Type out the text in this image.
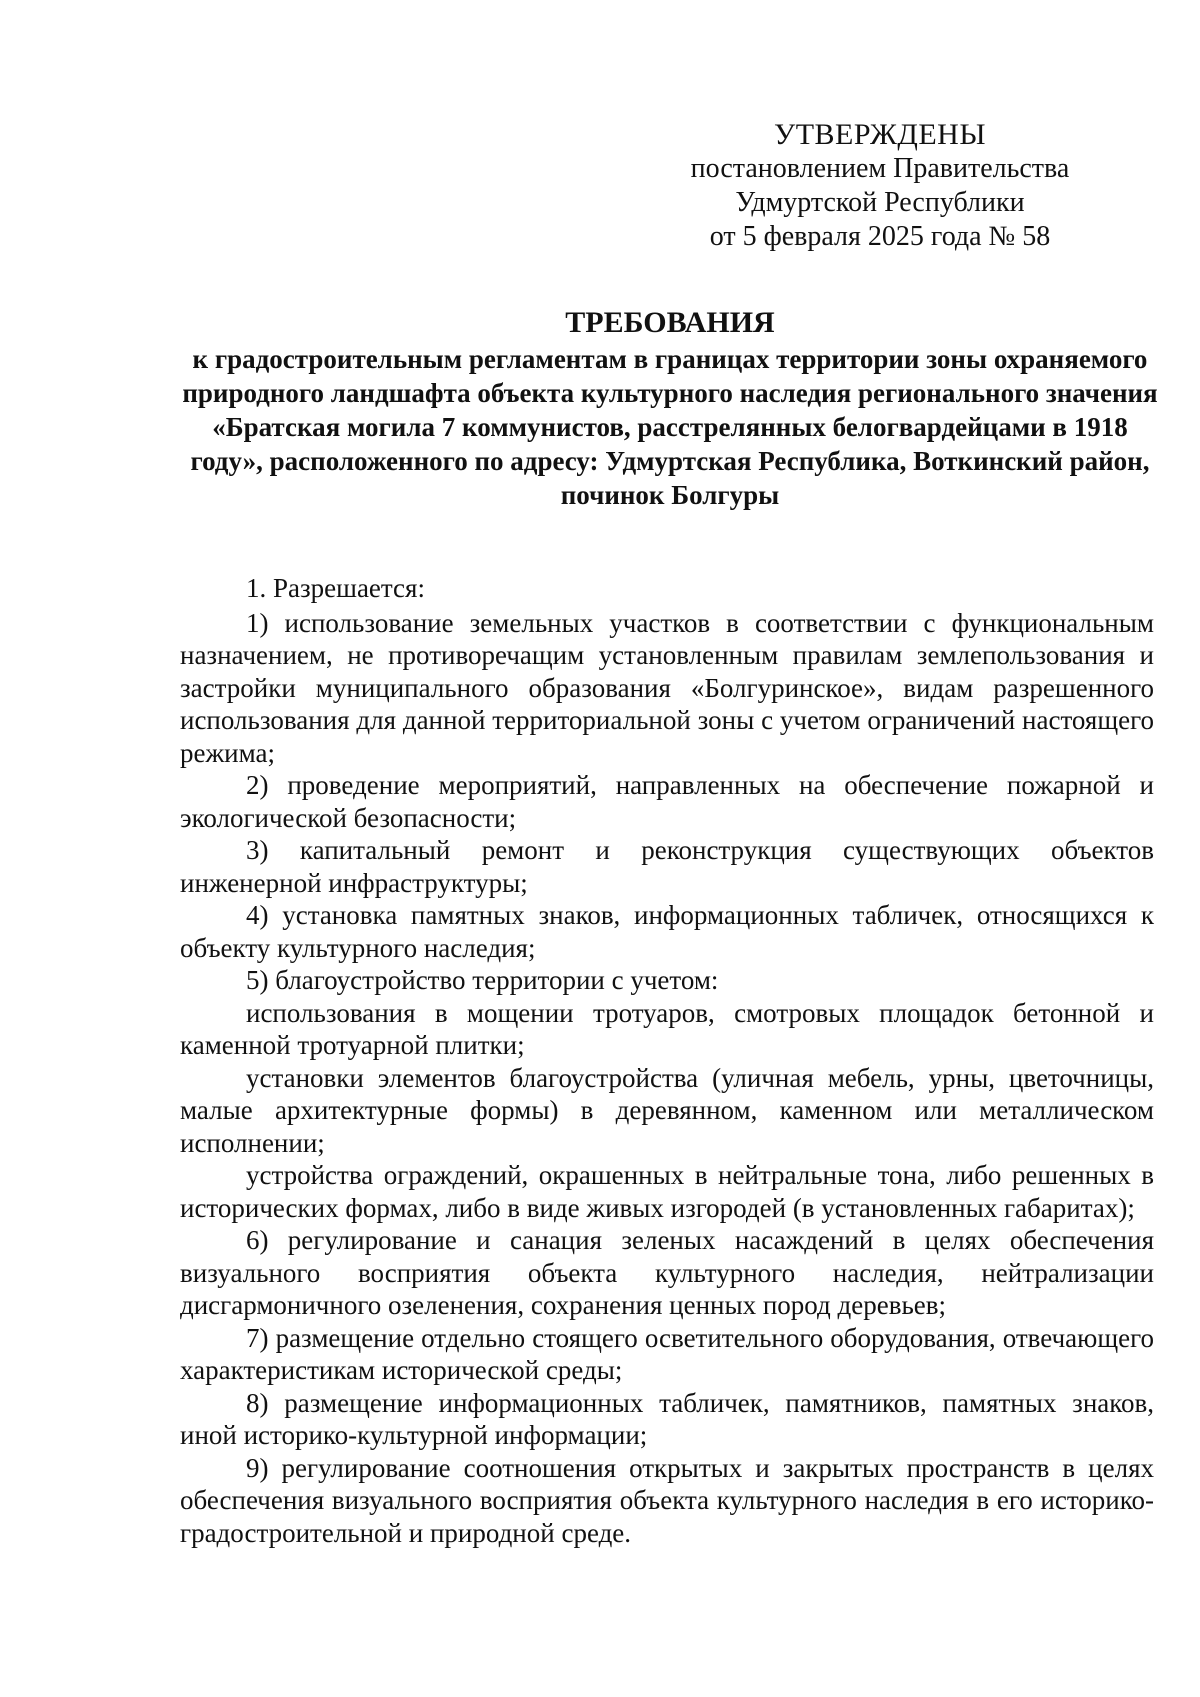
УТВЕРЖДЕНЫ
постановлением Правительства
Удмуртской Республики
от 5 февраля 2025 года № 58
ТРЕБОВАНИЯ
к градостроительным регламентам в границах территории зоны охраняемого природного ландшафта объекта культурного наследия регионального значения «Братская могила 7 коммунистов, расстрелянных белогвардейцами в 1918 году», расположенного по адресу: Удмуртская Республика, Воткинский район, починок Болгуры

1. Разрешается:

1) использование земельных участков в соответствии с функциональным назначением, не противоречащим установленным правилам землепользования и застройки муниципального образования «Болгуринское», видам разрешенного использования для данной территориальной зоны с учетом ограничений настоящего режима;

2) проведение мероприятий, направленных на обеспечение пожарной и экологической безопасности;

3) капитальный ремонт и реконструкция существующих объектов инженерной инфраструктуры;

4) установка памятных знаков, информационных табличек, относящихся к объекту культурного наследия;

5) благоустройство территории с учетом:

использования в мощении тротуаров, смотровых площадок бетонной и каменной тротуарной плитки;

установки элементов благоустройства (уличная мебель, урны, цветочницы, малые архитектурные формы) в деревянном, каменном или металлическом исполнении;

устройства ограждений, окрашенных в нейтральные тона, либо решенных в исторических формах, либо в виде живых изгородей (в установленных габаритах);

6) регулирование и санация зеленых насаждений в целях обеспечения визуального восприятия объекта культурного наследия, нейтрализации дисгармоничного озеленения, сохранения ценных пород деревьев;

7) размещение отдельно стоящего осветительного оборудования, отвечающего характеристикам исторической среды;

8) размещение информационных табличек, памятников, памятных знаков, иной историко-культурной информации;

9) регулирование соотношения открытых и закрытых пространств в целях обеспечения визуального восприятия объекта культурного наследия в его историко-градостроительной и природной среде.
